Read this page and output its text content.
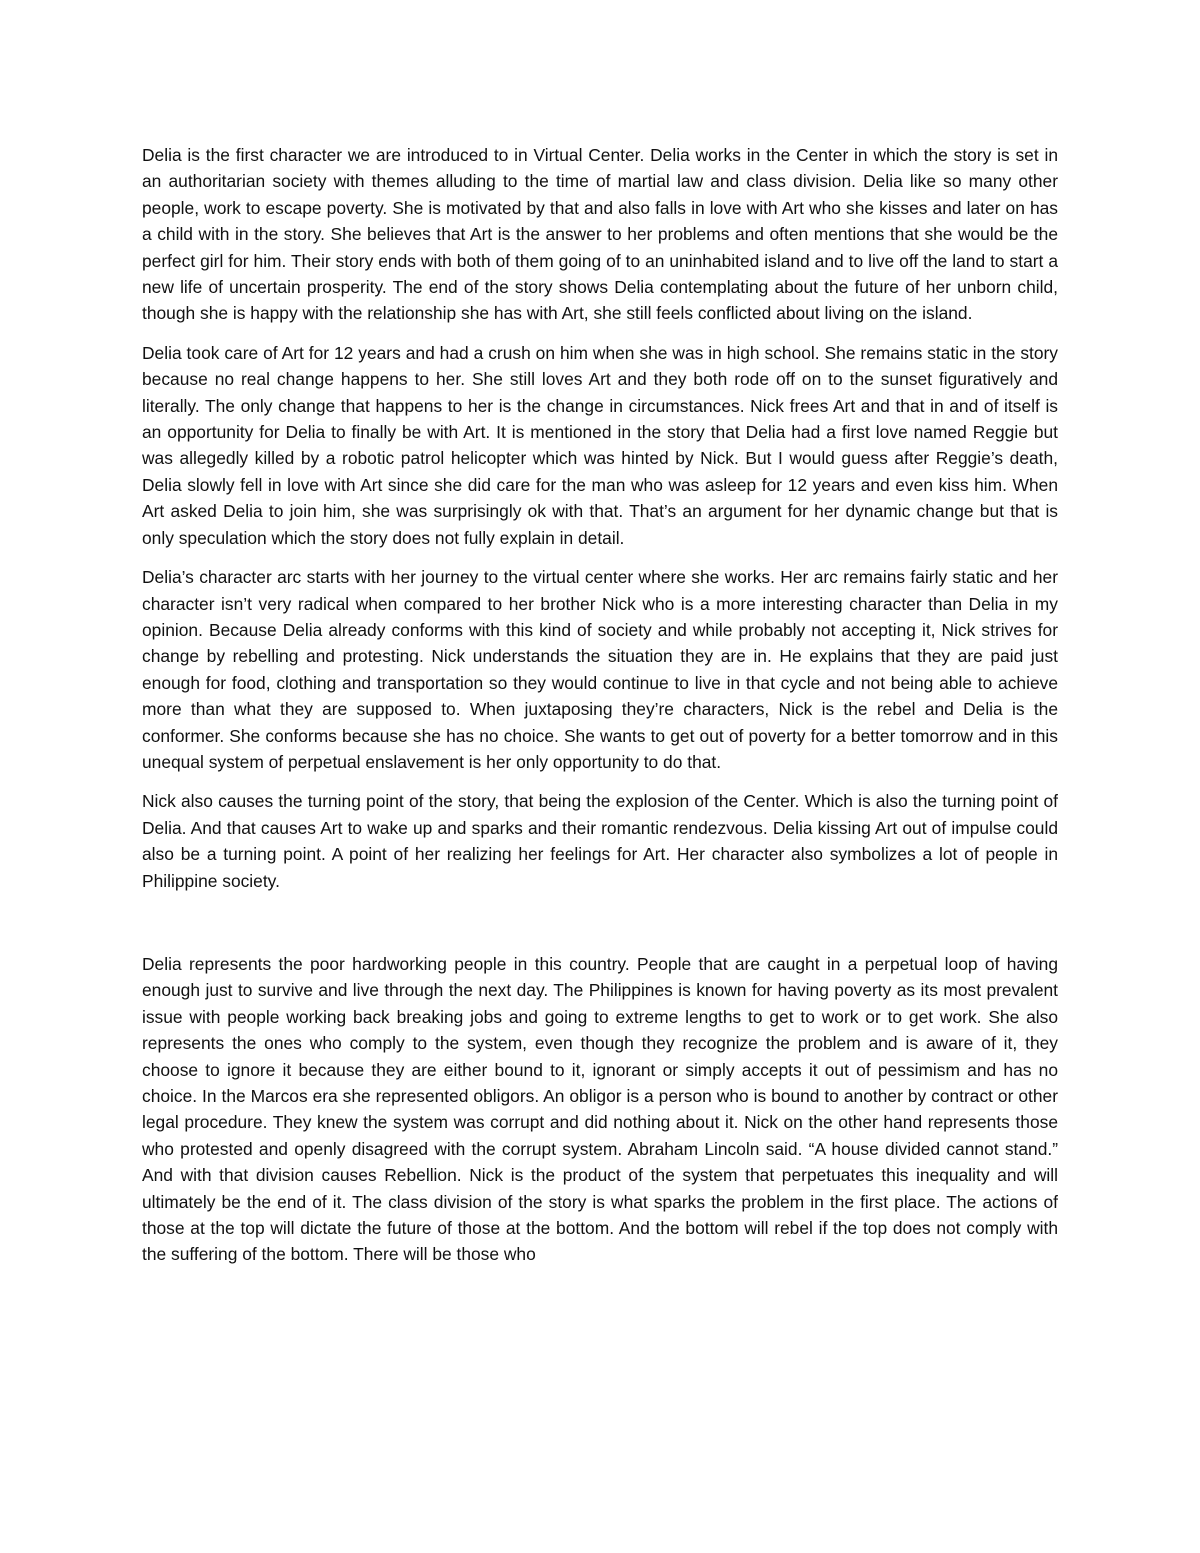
Delia is the first character we are introduced to in Virtual Center. Delia works in the Center in which the story is set in an authoritarian society with themes alluding to the time of martial law and class division. Delia like so many other people, work to escape poverty. She is motivated by that and also falls in love with Art who she kisses and later on has a child with in the story. She believes that Art is the answer to her problems and often mentions that she would be the perfect girl for him. Their story ends with both of them going of to an uninhabited island and to live off the land to start a new life of uncertain prosperity. The end of the story shows Delia contemplating about the future of her unborn child, though she is happy with the relationship she has with Art, she still feels conflicted about living on the island.

Delia took care of Art for 12 years and had a crush on him when she was in high school. She remains static in the story because no real change happens to her. She still loves Art and they both rode off on to the sunset figuratively and literally. The only change that happens to her is the change in circumstances. Nick frees Art and that in and of itself is an opportunity for Delia to finally be with Art. It is mentioned in the story that Delia had a first love named Reggie but was allegedly killed by a robotic patrol helicopter which was hinted by Nick. But I would guess after Reggie’s death, Delia slowly fell in love with Art since she did care for the man who was asleep for 12 years and even kiss him. When Art asked Delia to join him, she was surprisingly ok with that. That’s an argument for her dynamic change but that is only speculation which the story does not fully explain in detail.

Delia’s character arc starts with her journey to the virtual center where she works. Her arc remains fairly static and her character isn’t very radical when compared to her brother Nick who is a more interesting character than Delia in my opinion. Because Delia already conforms with this kind of society and while probably not accepting it, Nick strives for change by rebelling and protesting. Nick understands the situation they are in. He explains that they are paid just enough for food, clothing and transportation so they would continue to live in that cycle and not being able to achieve more than what they are supposed to. When juxtaposing they’re characters, Nick is the rebel and Delia is the conformer. She conforms because she has no choice. She wants to get out of poverty for a better tomorrow and in this unequal system of perpetual enslavement is her only opportunity to do that.

Nick also causes the turning point of the story, that being the explosion of the Center. Which is also the turning point of Delia. And that causes Art to wake up and sparks and their romantic rendezvous. Delia kissing Art out of impulse could also be a turning point. A point of her realizing her feelings for Art. Her character also symbolizes a lot of people in Philippine society.

Delia represents the poor hardworking people in this country. People that are caught in a perpetual loop of having enough just to survive and live through the next day. The Philippines is known for having poverty as its most prevalent issue with people working back breaking jobs and going to extreme lengths to get to work or to get work. She also represents the ones who comply to the system, even though they recognize the problem and is aware of it, they choose to ignore it because they are either bound to it, ignorant or simply accepts it out of pessimism and has no choice. In the Marcos era she represented obligors. An obligor is a person who is bound to another by contract or other legal procedure. They knew the system was corrupt and did nothing about it. Nick on the other hand represents those who protested and openly disagreed with the corrupt system. Abraham Lincoln said. “A house divided cannot stand.” And with that division causes Rebellion. Nick is the product of the system that perpetuates this inequality and will ultimately be the end of it. The class division of the story is what sparks the problem in the first place. The actions of those at the top will dictate the future of those at the bottom. And the bottom will rebel if the top does not comply with the suffering of the bottom. There will be those who
